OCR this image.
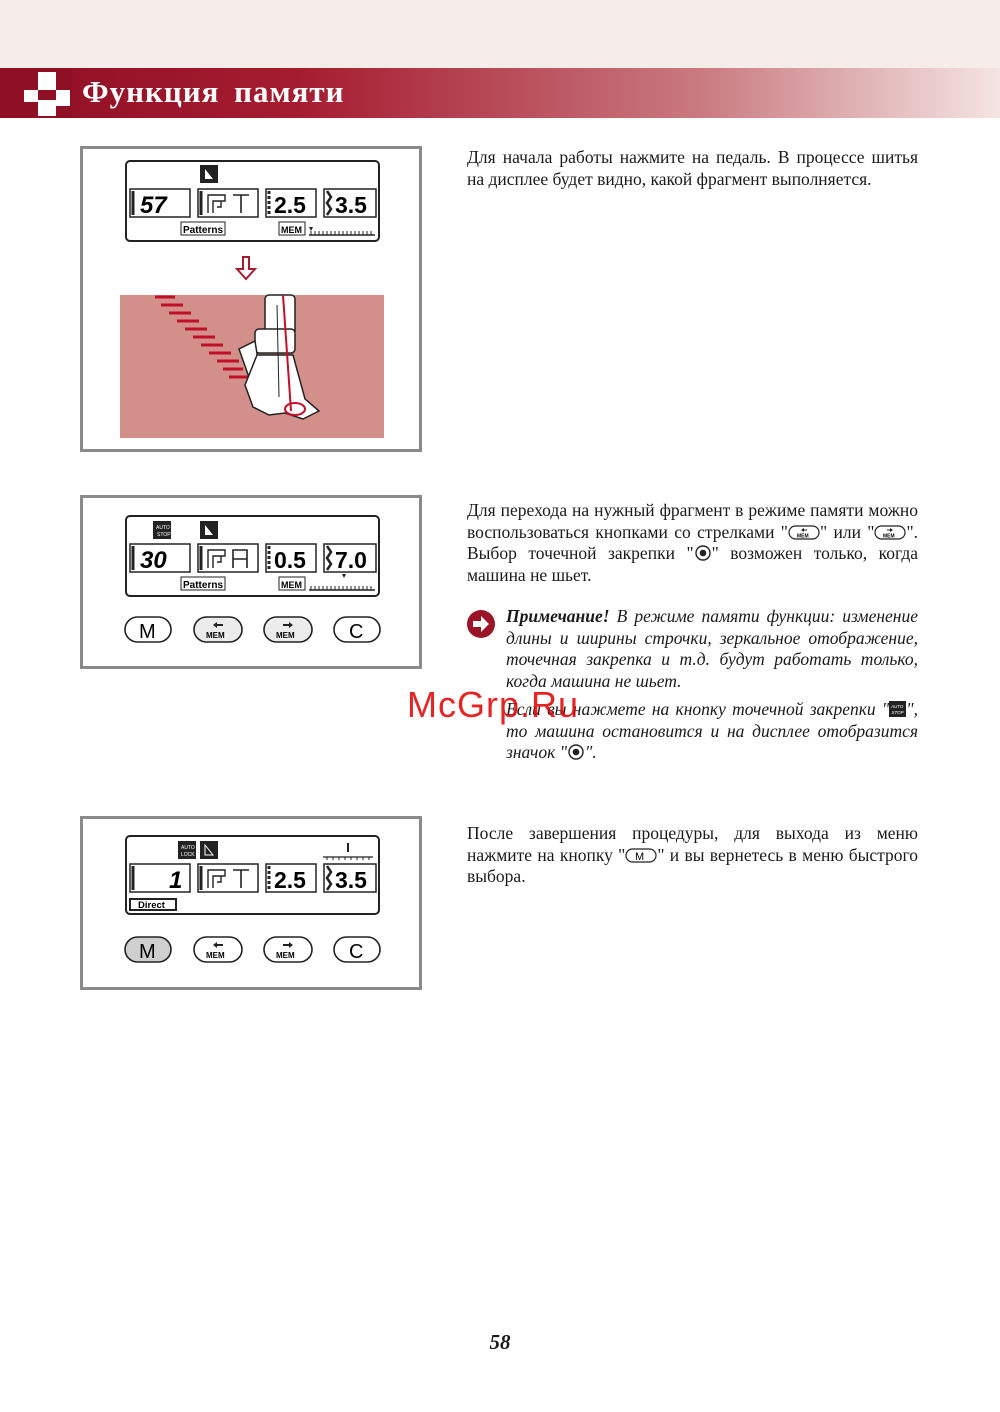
Функция памяти
57	2.5 3.5
Patterns	MEM
Для начала работы нажмите на педаль. В процессе шитья на дисплее будет видно, какой фрагмент выполняется.
AUTO
STOP
30	0.5 7.0
Patterns	MEM
M	MEM	MEM	C
Для перехода на нужный фрагмент в режиме памяти можно воспользоваться кнопками со стрелками " MEM " или " MEM ". Выбор точечной закрепки " " возможен только, когда машина не шьет.
Примечание! В режиме памяти функции: изменение длины и ширины строчки, зеркальное отображение, точечная закрепка и т.д. будут работать только, когда машина не шьет.
Если вы нажмете на кнопку точечной закрепки " AUTO
STOP ", то машина остановится и на дисплее отобразится значок " ".
McGrp.Ru
AUTO
LOCK
1	2.5 3.5
Direct
M	MEM	MEM	C
После завершения процедуры, для выхода из меню нажмите на кнопку " M " и вы вернетесь в меню быстрого выбора.
58
